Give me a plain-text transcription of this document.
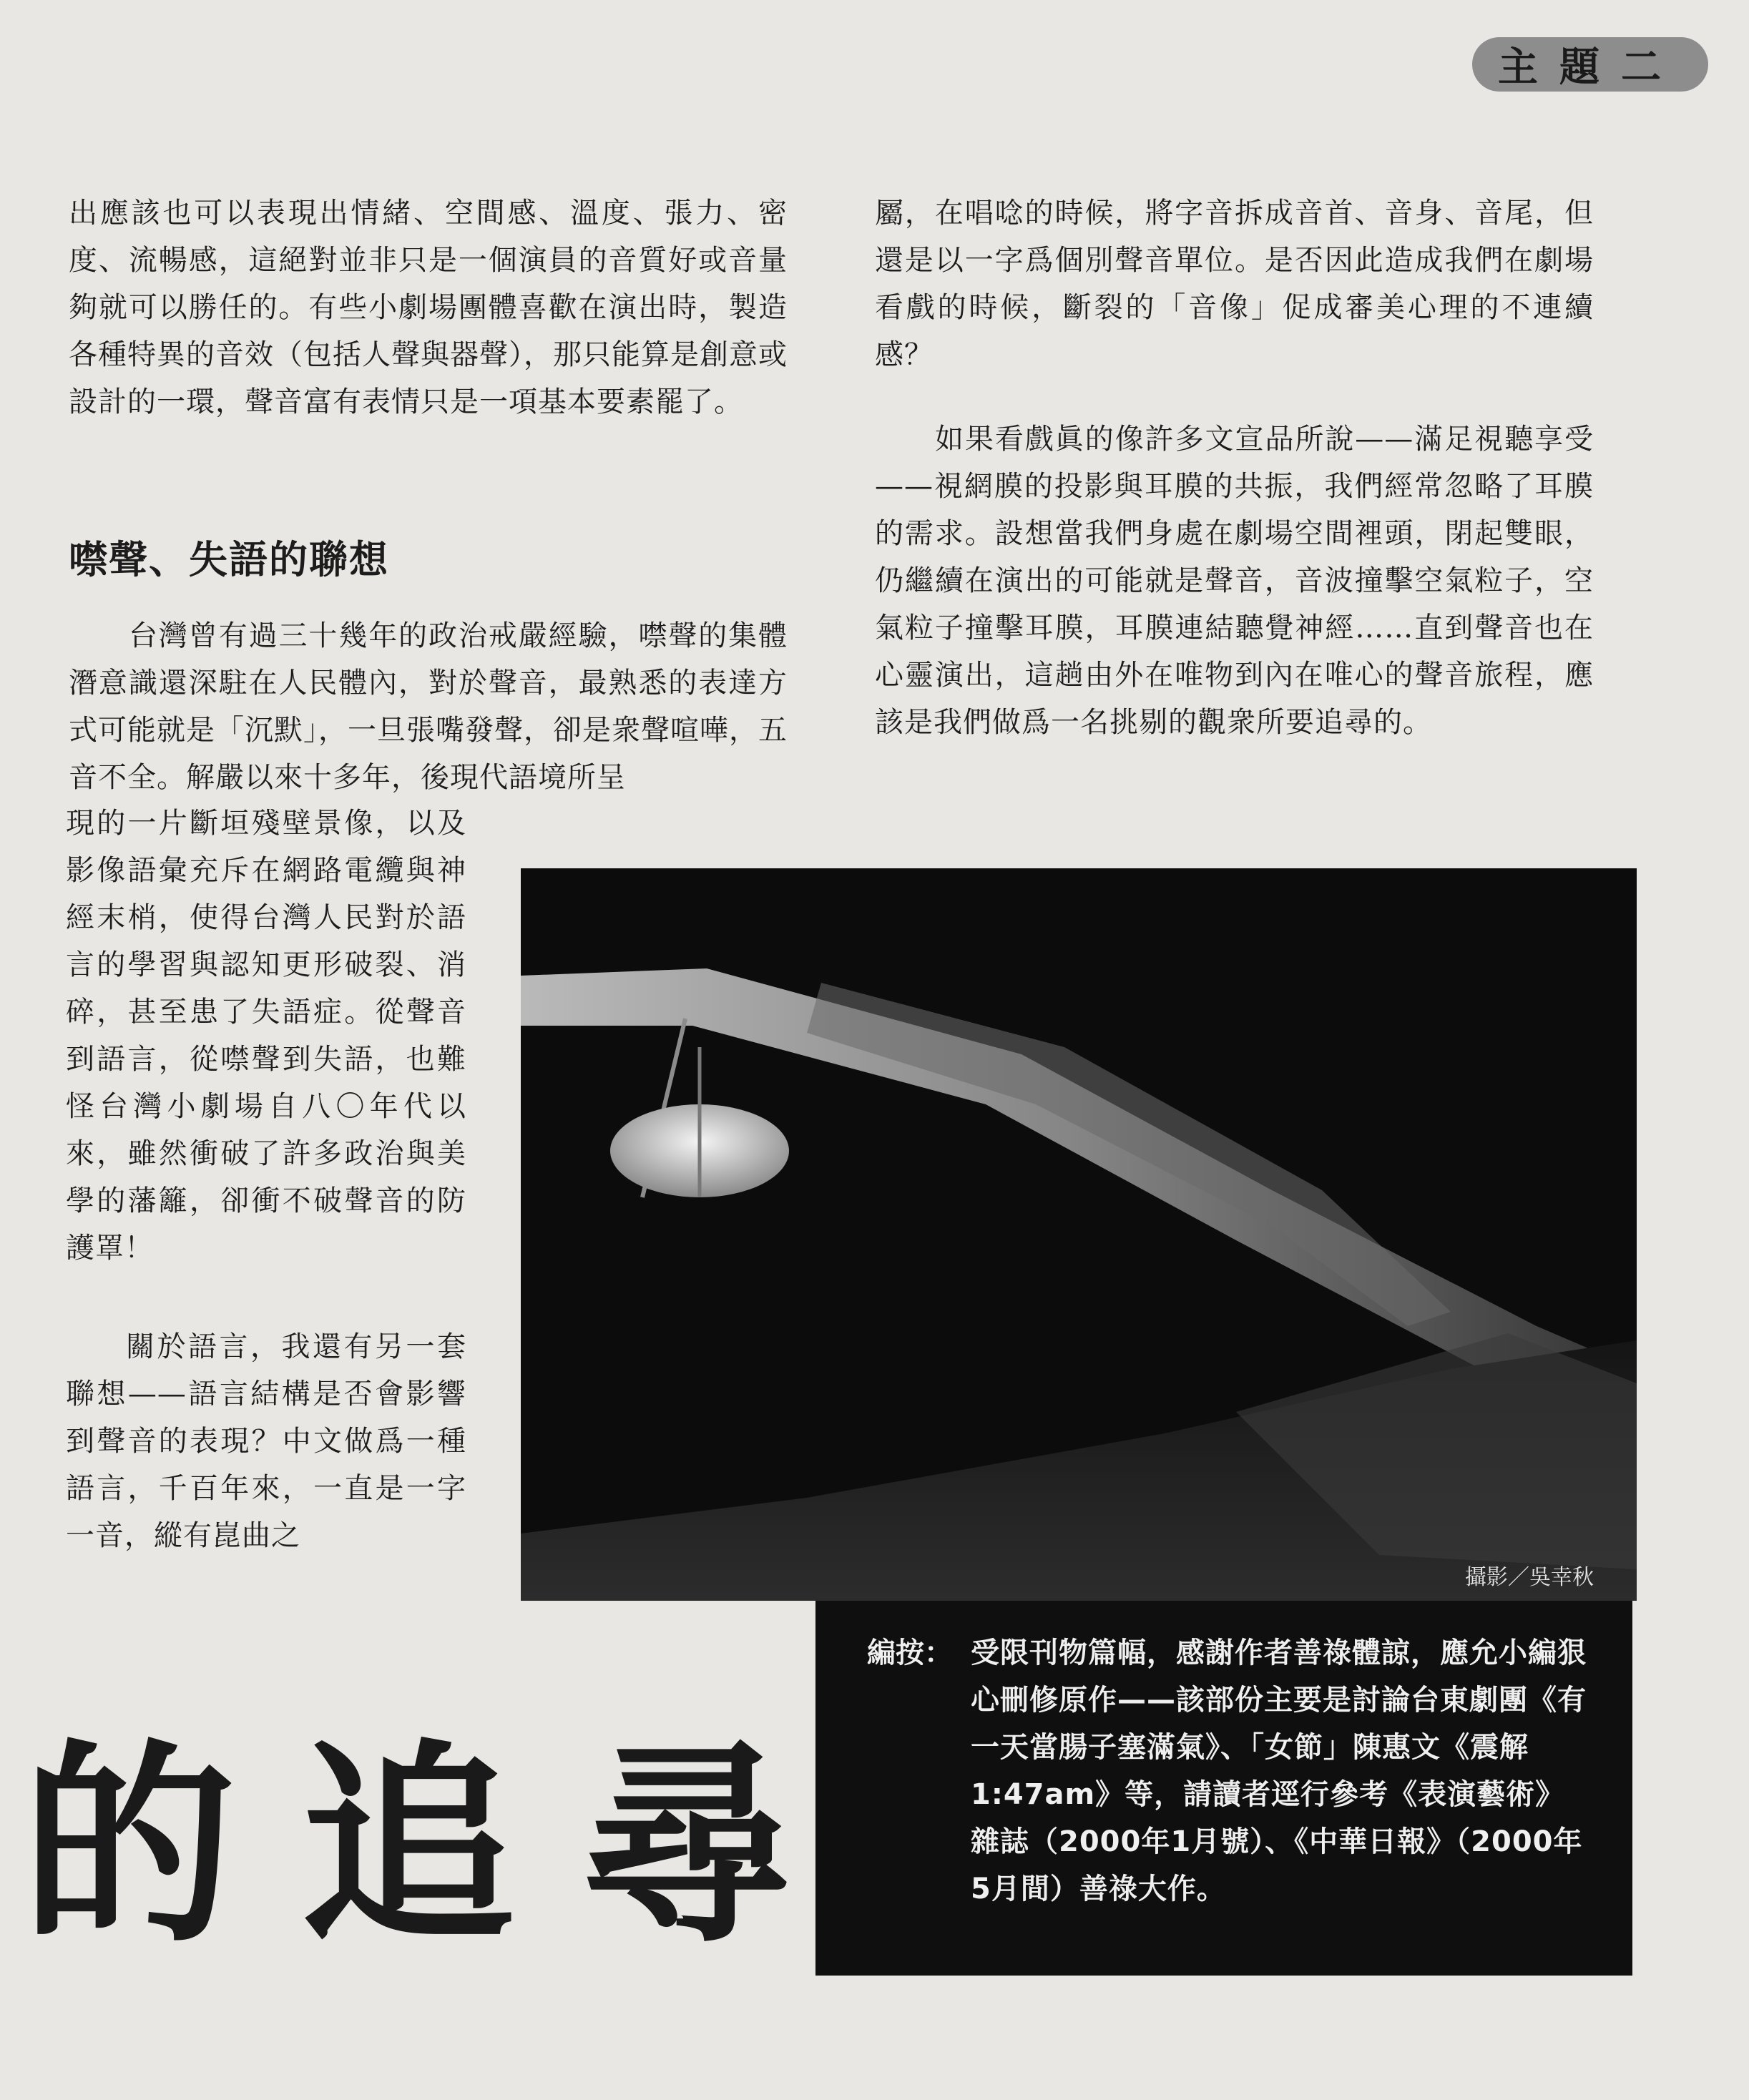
主題二

出應該也可以表現出情緒、空間感、溫度、張力、密度、流暢感，這絕對並非只是一個演員的音質好或音量夠就可以勝任的。有些小劇場團體喜歡在演出時，製造各種特異的音效（包括人聲與器聲），那只能算是創意或設計的一環，聲音富有表情只是一項基本要素罷了。

噤聲、失語的聯想

台灣曾有過三十幾年的政治戒嚴經驗，噤聲的集體潛意識還深駐在人民體內，對於聲音，最熟悉的表達方式可能就是「沉默」，一旦張嘴發聲，卻是衆聲喧嘩，五音不全。解嚴以來十多年，後現代語境所呈

現的一片斷垣殘壁景像，以及影像語彙充斥在網路電纜與神經末梢，使得台灣人民對於語言的學習與認知更形破裂、消碎，甚至患了失語症。從聲音到語言，從噤聲到失語，也難怪台灣小劇場自八〇年代以來，雖然衝破了許多政治與美學的藩籬，卻衝不破聲音的防護罩！

關於語言，我還有另一套聯想——語言結構是否會影響到聲音的表現？中文做爲一種語言，千百年來，一直是一字一音，縱有崑曲之

屬，在唱唸的時候，將字音拆成音首、音身、音尾，但還是以一字爲個別聲音單位。是否因此造成我們在劇場看戲的時候，斷裂的「音像」促成審美心理的不連續感？

如果看戲眞的像許多文宣品所說——滿足視聽享受——視網膜的投影與耳膜的共振，我們經常忽略了耳膜的需求。設想當我們身處在劇場空間裡頭，閉起雙眼，仍繼續在演出的可能就是聲音，音波撞擊空氣粒子，空氣粒子撞擊耳膜，耳膜連結聽覺神經……直到聲音也在心靈演出，這趟由外在唯物到內在唯心的聲音旅程，應該是我們做爲一名挑剔的觀衆所要追尋的。

攝影／吳幸秋
編按： 受限刊物篇幅，感謝作者善祿體諒，應允小編狠心刪修原作——該部份主要是討論台東劇團《有一天當腸子塞滿氣》、「女節」陳惠文《震解1:47am》等，請讀者逕行參考《表演藝術》雜誌（2000年1月號）、《中華日報》（2000年5月間）善祿大作。
的追尋
